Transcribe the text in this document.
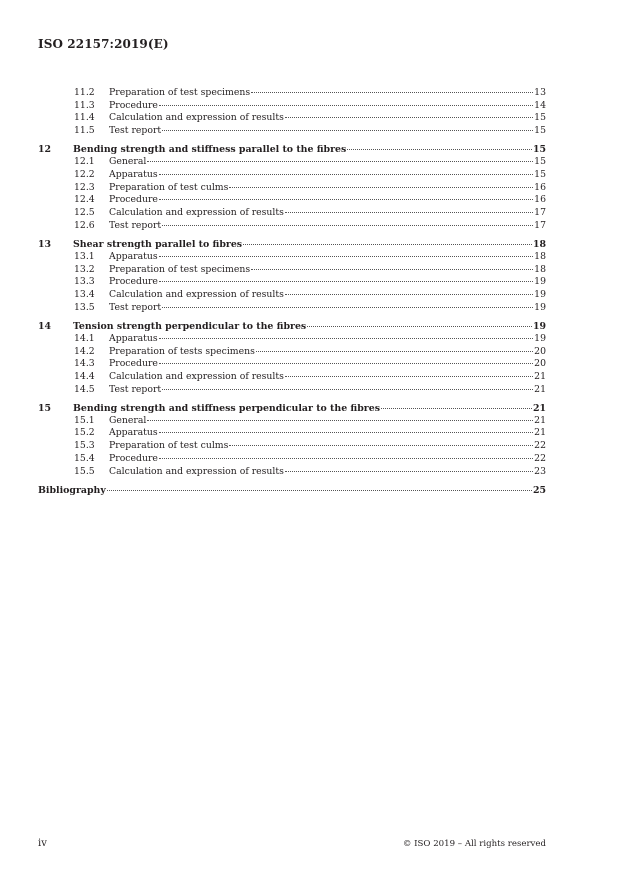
ISO 22157:2019(E)
11.2	Preparation of test specimens	13
11.3	Procedure	14
11.4	Calculation and expression of results	15
11.5	Test report	15
12	Bending strength and stiffness parallel to the fibres	15
12.1	General	15
12.2	Apparatus	15
12.3	Preparation of test culms	16
12.4	Procedure	16
12.5	Calculation and expression of results	17
12.6	Test report	17
13	Shear strength parallel to fibres	18
13.1	Apparatus	18
13.2	Preparation of test specimens	18
13.3	Procedure	19
13.4	Calculation and expression of results	19
13.5	Test report	19
14	Tension strength perpendicular to the fibres	19
14.1	Apparatus	19
14.2	Preparation of tests specimens	20
14.3	Procedure	20
14.4	Calculation and expression of results	21
14.5	Test report	21
15	Bending strength and stiffness perpendicular to the fibres	21
15.1	General	21
15.2	Apparatus	21
15.3	Preparation of test culms	22
15.4	Procedure	22
15.5	Calculation and expression of results	23
Bibliography	25
iv	© ISO 2019 – All rights reserved
